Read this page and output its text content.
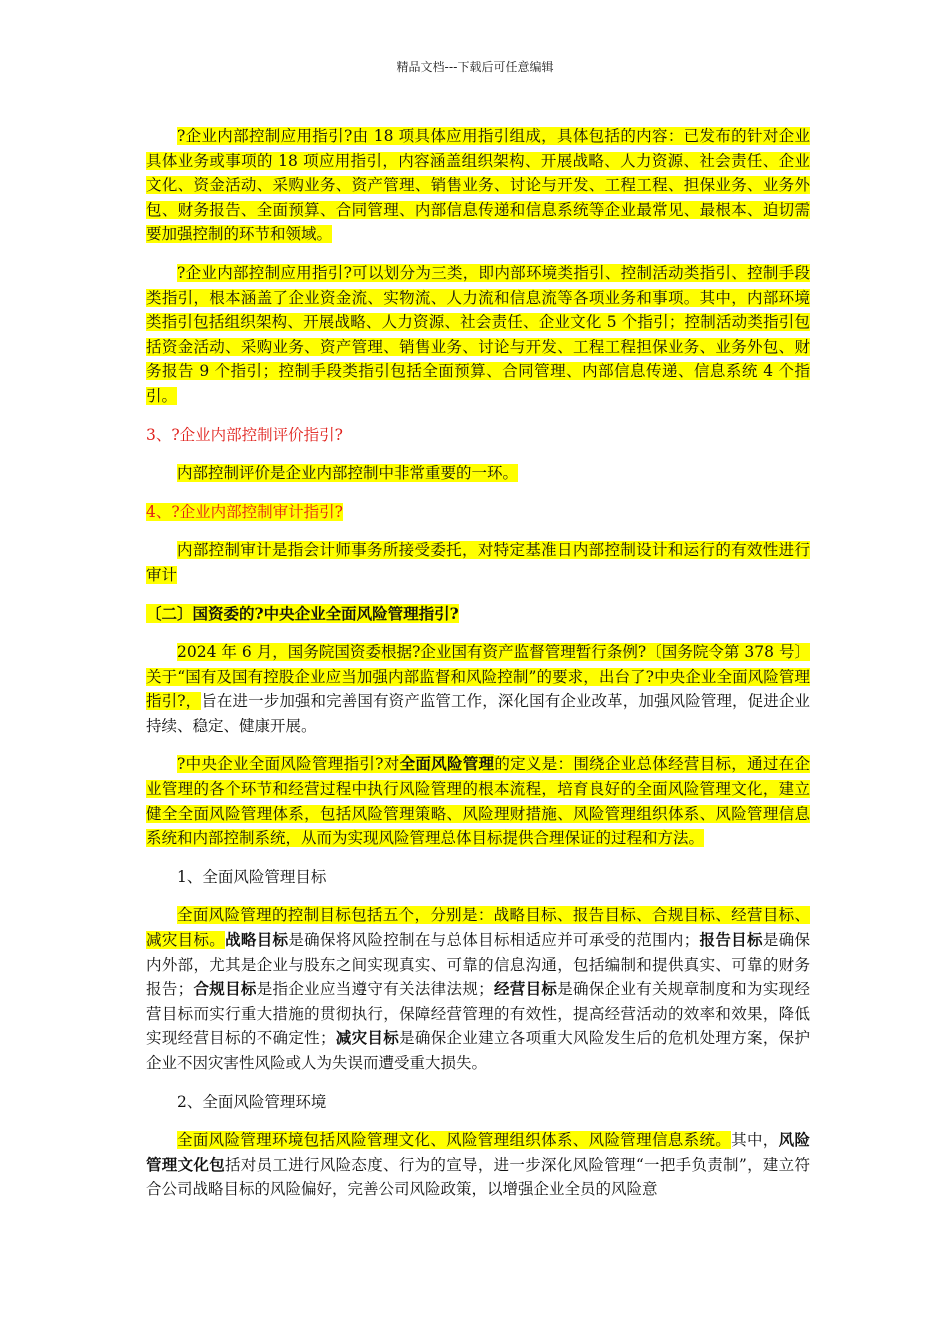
精品文档---下载后可任意编辑

?企业内部控制应用指引?由 18 项具体应用指引组成，具体包括的内容：已发布的针对企业具体业务或事项的 18 项应用指引，内容涵盖组织架构、开展战略、人力资源、社会责任、企业文化、资金活动、采购业务、资产管理、销售业务、讨论与开发、工程工程、担保业务、业务外包、财务报告、全面预算、合同管理、内部信息传递和信息系统等企业最常见、最根本、迫切需要加强控制的环节和领域。

?企业内部控制应用指引?可以划分为三类，即内部环境类指引、控制活动类指引、控制手段类指引，根本涵盖了企业资金流、实物流、人力流和信息流等各项业务和事项。其中，内部环境类指引包括组织架构、开展战略、人力资源、社会责任、企业文化 5 个指引；控制活动类指引包括资金活动、采购业务、资产管理、销售业务、讨论与开发、工程工程担保业务、业务外包、财务报告 9 个指引；控制手段类指引包括全面预算、合同管理、内部信息传递、信息系统 4 个指引。

3、?企业内部控制评价指引?

内部控制评价是企业内部控制中非常重要的一环。

4、?企业内部控制审计指引?

内部控制审计是指会计师事务所接受委托，对特定基准日内部控制设计和运行的有效性进行审计

〔二〕国资委的?中央企业全面风险管理指引?

2024 年 6 月，国务院国资委根据?企业国有资产监督管理暂行条例?〔国务院令第 378 号〕关于“国有及国有控股企业应当加强内部监督和风险控制”的要求，出台了?中央企业全面风险管理指引?，旨在进一步加强和完善国有资产监管工作，深化国有企业改革，加强风险管理，促进企业持续、稳定、健康开展。

?中央企业全面风险管理指引?对全面风险管理的定义是：围绕企业总体经营目标，通过在企业管理的各个环节和经营过程中执行风险管理的根本流程，培育良好的全面风险管理文化，建立健全全面风险管理体系，包括风险管理策略、风险理财措施、风险管理组织体系、风险管理信息系统和内部控制系统，从而为实现风险管理总体目标提供合理保证的过程和方法。

1、全面风险管理目标

全面风险管理的控制目标包括五个，分别是：战略目标、报告目标、合规目标、经营目标、减灾目标。战略目标是确保将风险控制在与总体目标相适应并可承受的范围内；报告目标是确保内外部，尤其是企业与股东之间实现真实、可靠的信息沟通，包括编制和提供真实、可靠的财务报告；合规目标是指企业应当遵守有关法律法规；经营目标是确保企业有关规章制度和为实现经营目标而实行重大措施的贯彻执行，保障经营管理的有效性，提高经营活动的效率和效果，降低实现经营目标的不确定性；减灾目标是确保企业建立各项重大风险发生后的危机处理方案，保护企业不因灾害性风险或人为失误而遭受重大损失。

2、全面风险管理环境

全面风险管理环境包括风险管理文化、风险管理组织体系、风险管理信息系统。其中，风险管理文化包括对员工进行风险态度、行为的宣导，进一步深化风险管理“一把手负责制”，建立符合公司战略目标的风险偏好，完善公司风险政策，以增强企业全员的风险意
